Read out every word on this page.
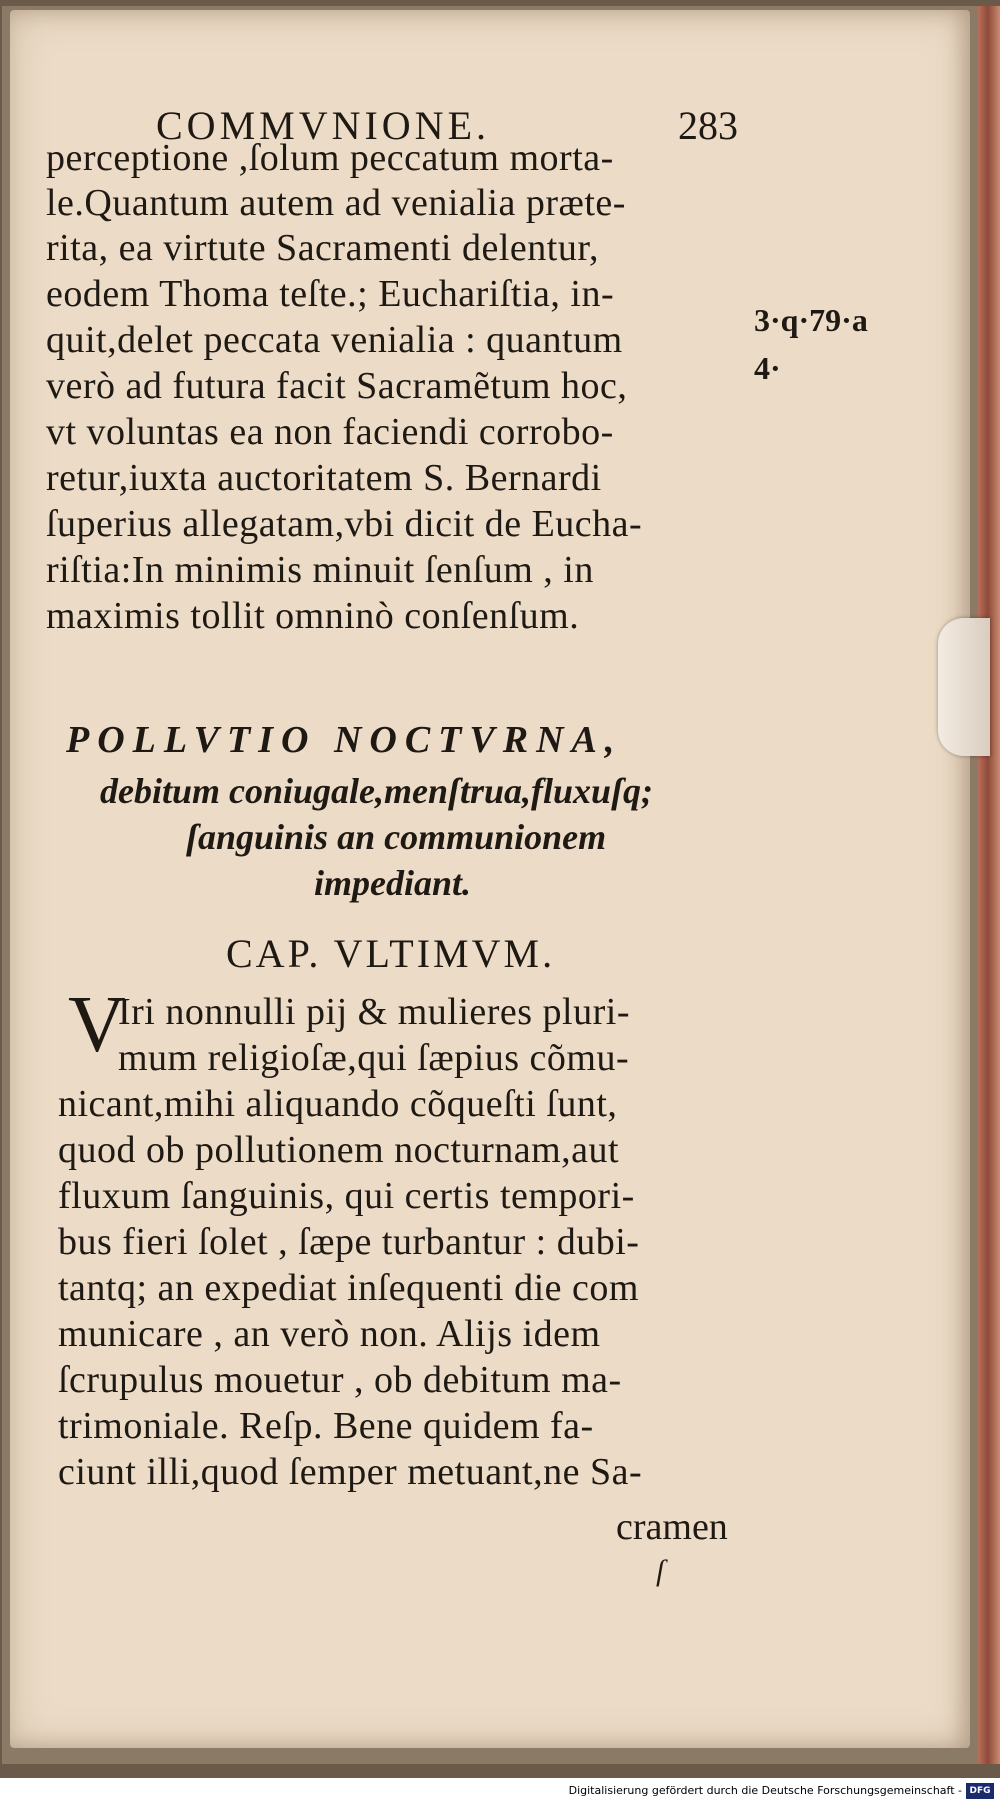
COMMVNIONE.	283
perceptione ,ſolum peccatum morta-
le.Quantum autem ad venialia præte-
rita, ea virtute Sacramenti delentur,
eodem Thoma teſte.; Euchariſtia, in-
quit,delet peccata venialia : quantum
verò ad futura facit Sacramẽtum hoc,
vt voluntas ea non faciendi corrobo-
retur,iuxta auctoritatem S. Bernardi
ſuperius allegatam,vbi dicit de Eucha-
riſtia:In minimis minuit ſenſum , in
maximis tollit omninò conſenſum.
3·q·79·a
4·
POLLVTIO NOCTVRNA,
debitum coniugale,menſtrua,fluxuſq;
ſanguinis an communionem
impediant.
CAP. VLTIMVM.
V
Iri nonnulli pij & mulieres pluri-
mum religioſæ,qui ſæpius cõmu-
nicant,mihi aliquando cõqueſti ſunt,
quod ob pollutionem nocturnam,aut
fluxum ſanguinis, qui certis tempori-
bus fieri ſolet , ſæpe turbantur : dubi-
tantq; an expediat inſequenti die com
municare , an verò non. Alijs idem
ſcrupulus mouetur , ob debitum ma-
trimoniale. Reſp. Bene quidem fa-
ciunt illi,quod ſemper metuant,ne Sa-
cramen
ſ
Digitalisierung gefördert durch die Deutsche Forschungsgemeinschaft - DFG
